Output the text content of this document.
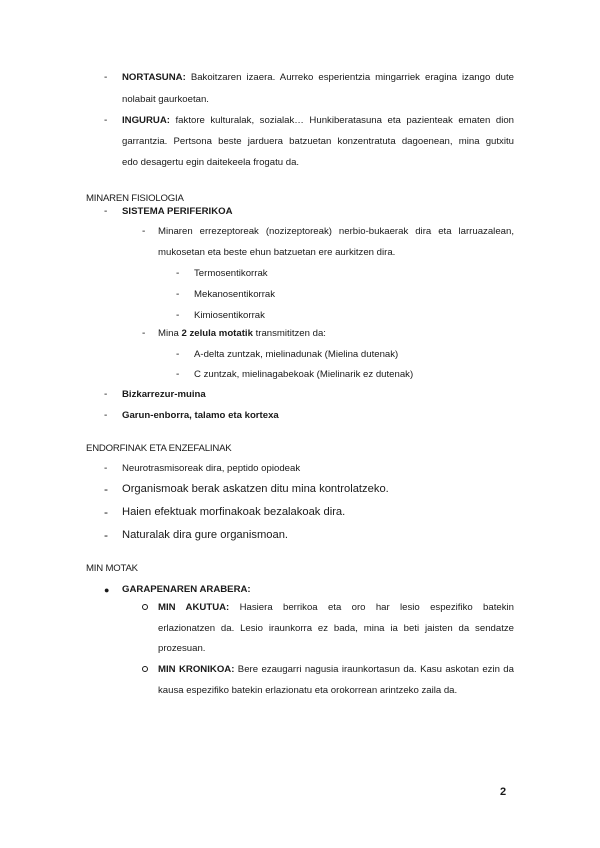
- NORTASUNA: Bakoitzaren izaera. Aurreko esperientzia mingarriek eragina izango dute
nolabait gaurkoetan.
- INGURUA: faktore kulturalak, sozialak… Hunkiberatasuna eta pazienteak ematen dion
garrantzia. Pertsona beste jarduera batzuetan konzentratuta dagoenean, mina gutxitu
edo desagertu egin daitekeela frogatu da.
MINAREN FISIOLOGIA
- SISTEMA PERIFERIKOA
- Minaren errezeptoreak (nozizeptoreak) nerbio-bukaerak dira eta larruazalean,
mukosetan eta beste ehun batzuetan ere aurkitzen dira.
- Termosentikorrak
- Mekanosentikorrak
- Kimiosentikorrak
- Mina 2 zelula motatik transmititzen da:
- A-delta zuntzak, mielinadunak (Mielina dutenak)
- C zuntzak, mielinagabekoak (Mielinarik ez dutenak)
- Bizkarrezur-muina
- Garun-enborra, talamo eta kortexa
ENDORFINAK ETA ENZEFALINAK
- Neurotrasmisoreak dira, peptido opiodeak
- Organismoak berak askatzen ditu mina kontrolatzeko.
- Haien efektuak morfinakoak bezalakoak dira.
- Naturalak dira gure organismoan.
MIN MOTAK
● GARAPENAREN ARABERA:
MIN AKUTUA: Hasiera berrikoa eta oro har lesio espezifiko batekin
erlazionatzen da. Lesio iraunkorra ez bada, mina ia beti jaisten da sendatze
prozesuan.
MIN KRONIKOA: Bere ezaugarri nagusia iraunkortasun da. Kasu askotan ezin da
kausa espezifiko batekin erlazionatu eta orokorrean arintzeko zaila da.
2
